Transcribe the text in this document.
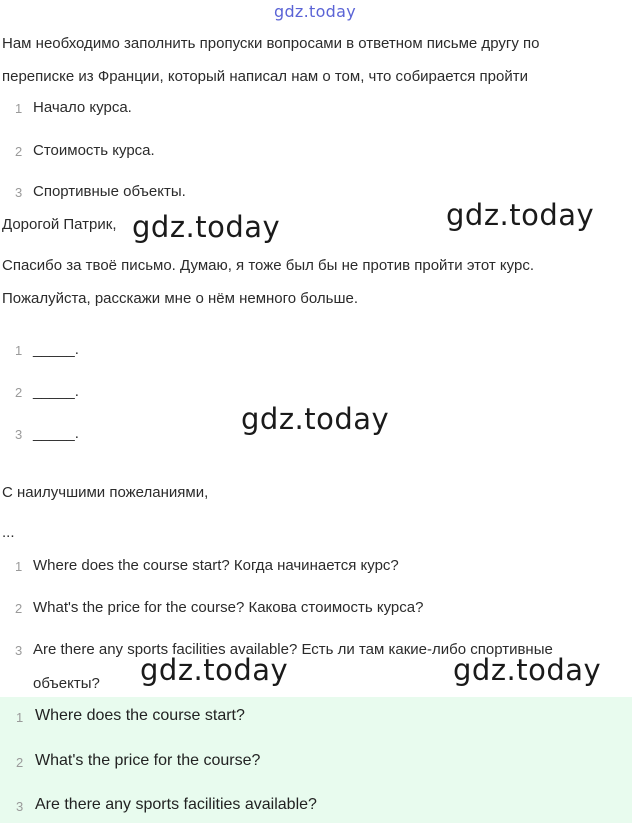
gdz.today
Нам необходимо заполнить пропуски вопросами в ответном письме другу по
переписке из Франции, который написал нам о том, что собирается пройти
1 Начало курса.
2 Стоимость курса.
3 Спортивные объекты.
Дорогой Патрик, gdz.today	gdz.today
Спасибо за твоё письмо. Думаю, я тоже был бы не против пройти этот курс.
Пожалуйста, расскажи мне о нём немного больше.
1 _____.
2 _____.
3 _____.	gdz.today
С наилучшими пожеланиями,
...
1 Where does the course start? Когда начинается курс?
2 What's the price for the course? Какова стоимость курса?
3 Are there any sports facilities available? Есть ли там какие-либо спортивные
объекты? gdz.today	gdz.today
1 Where does the course start?
2 What's the price for the course?
3 Are there any sports facilities available?
